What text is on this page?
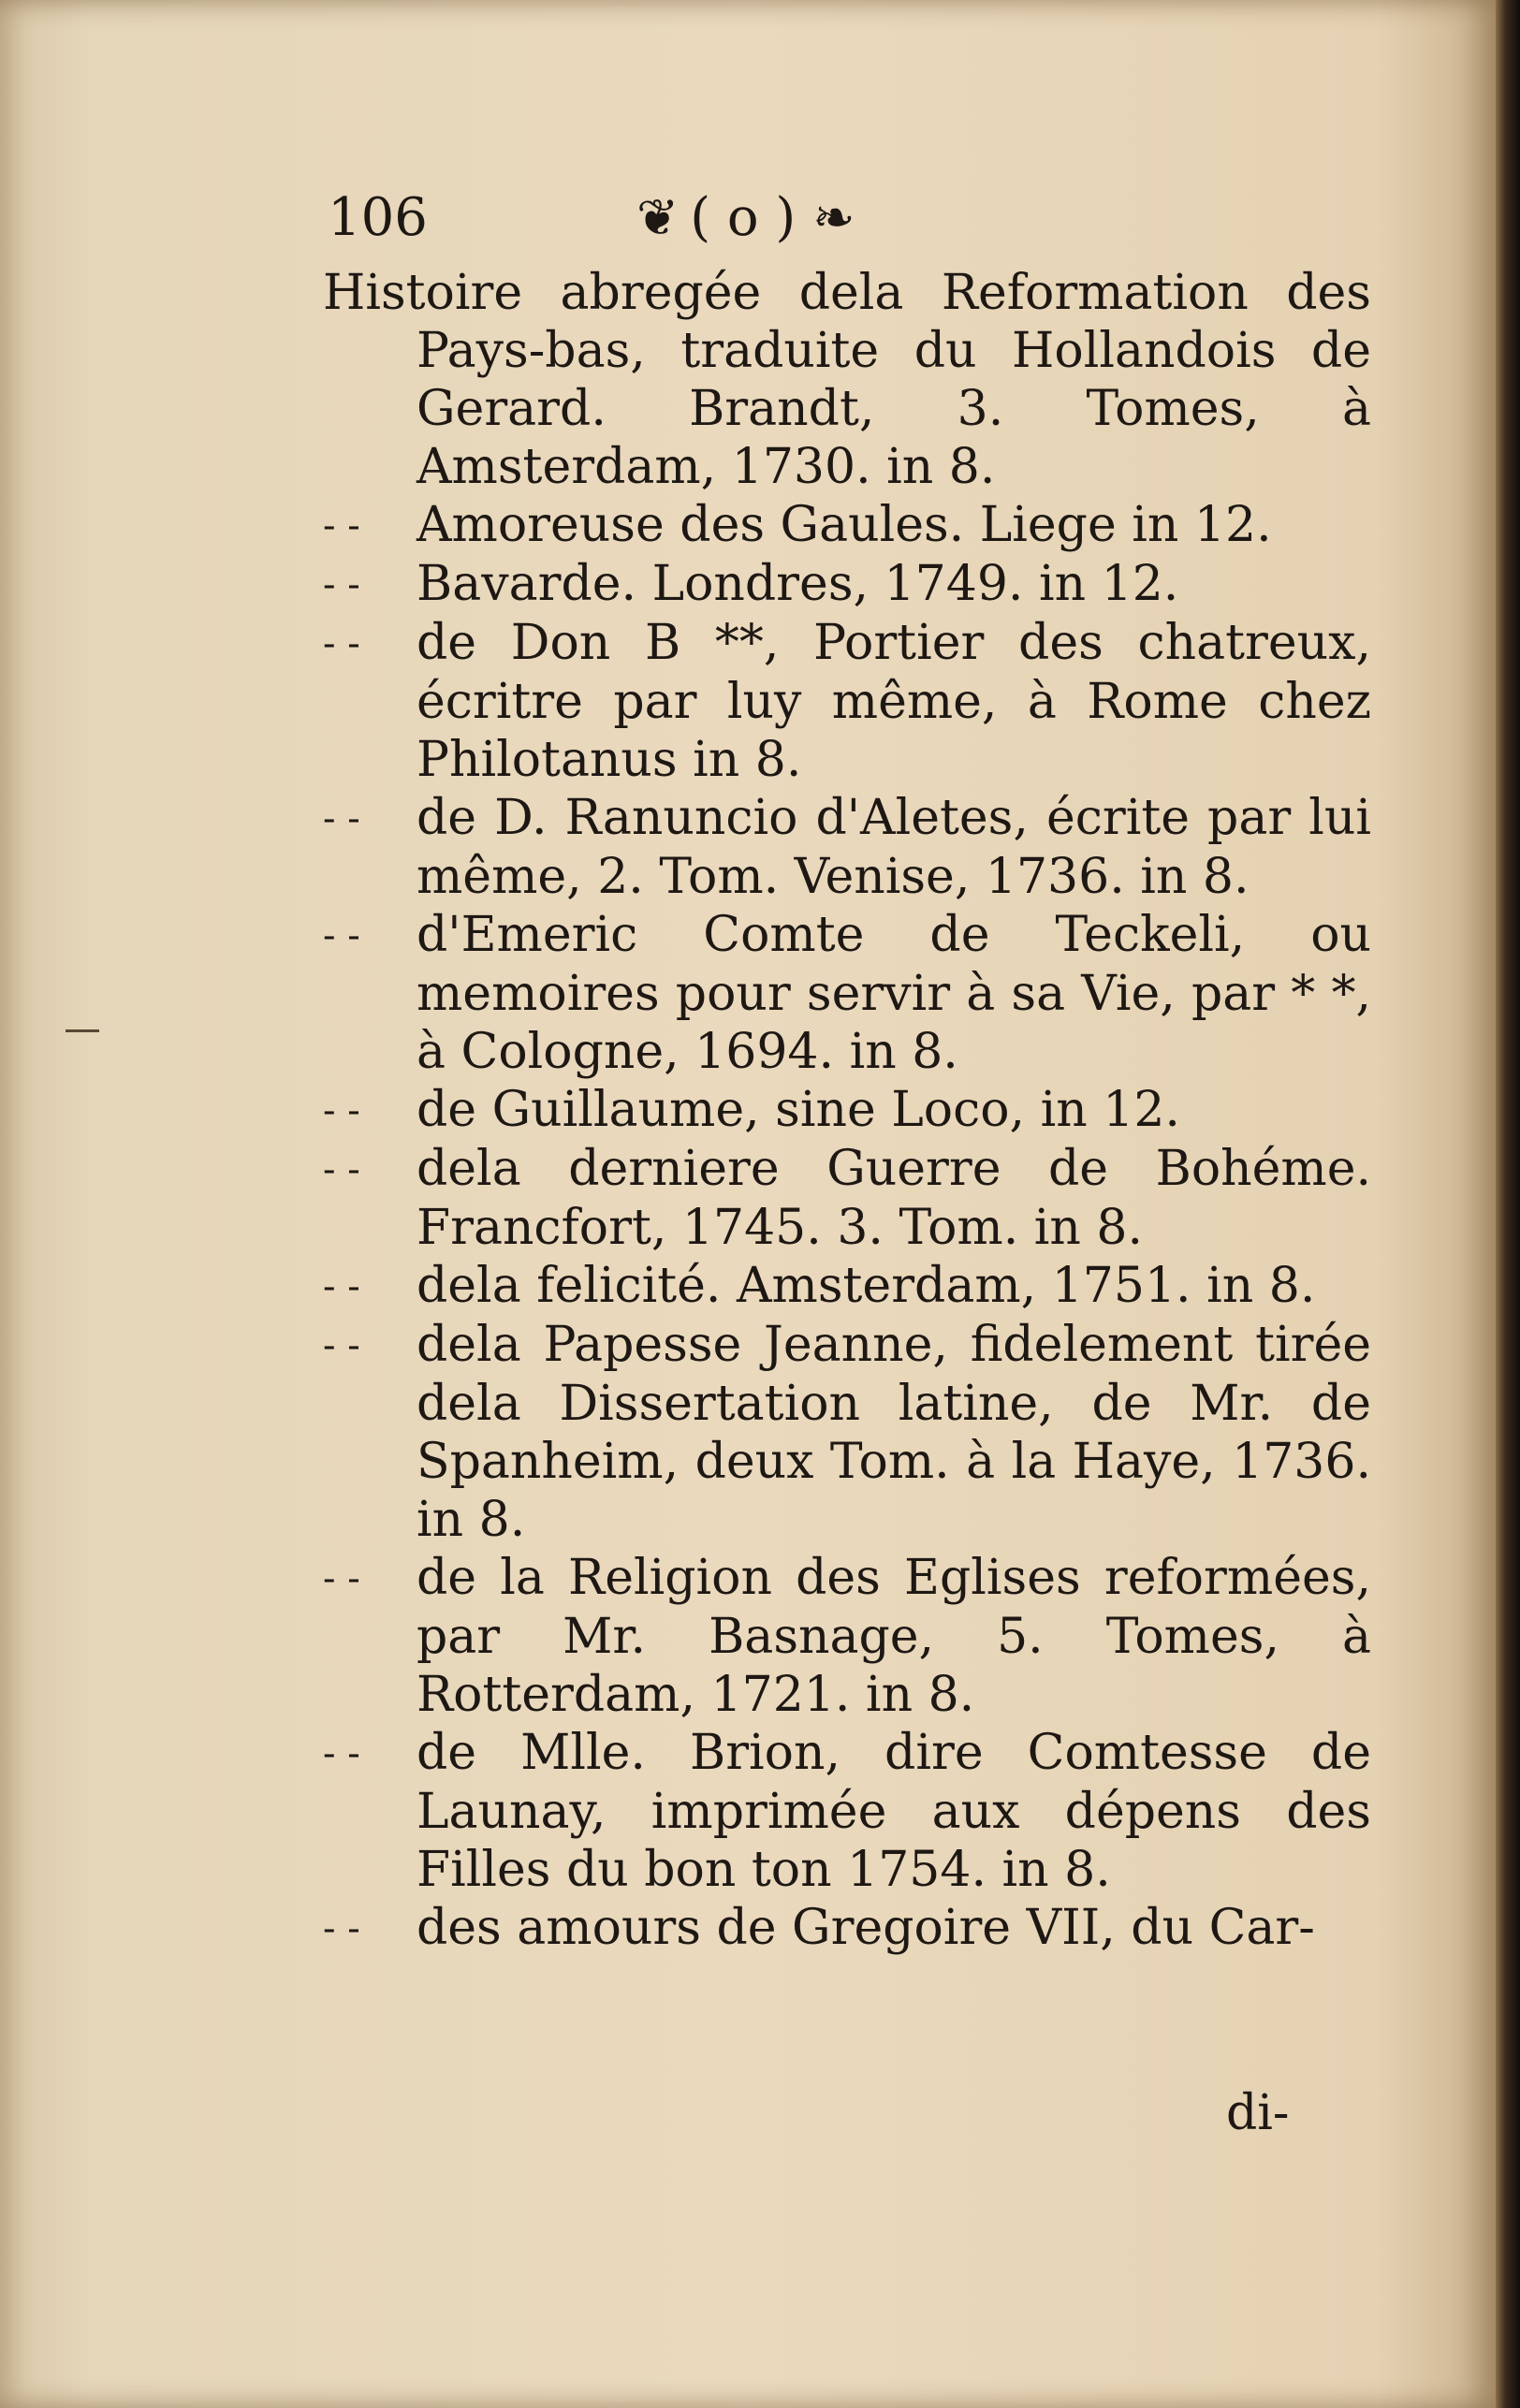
106	❦ ( o ) ❧
Histoire abregée dela Reformation des Pays-bas, traduite du Hollandois de Gerard. Brandt, 3. Tomes, à Amsterdam, 1730. in 8.
- - Amoreuse des Gaules. Liege in 12.
- - Bavarde. Londres, 1749. in 12.
- - de Don B **, Portier des chatreux, écritre par luy même, à Rome chez Philotanus in 8.
- - de D. Ranuncio d'Aletes, écrite par lui même, 2. Tom. Venise, 1736. in 8.
- - d'Emeric Comte de Teckeli, ou memoires pour servir à sa Vie, par * *, à Cologne, 1694. in 8.
- - de Guillaume, sine Loco, in 12.
- - dela derniere Guerre de Bohéme. Francfort, 1745. 3. Tom. in 8.
- - dela felicité. Amsterdam, 1751. in 8.
- - dela Papesse Jeanne, fidelement tirée dela Dissertation latine, de Mr. de Spanheim, deux Tom. à la Haye, 1736. in 8.
- - de la Religion des Eglises reformées, par Mr. Basnage, 5. Tomes, à Rotterdam, 1721. in 8.
- - de Mlle. Brion, dire Comtesse de Launay, imprimée aux dépens des Filles du bon ton 1754. in 8.
- - des amours de Gregoire VII, du Car-
di-
